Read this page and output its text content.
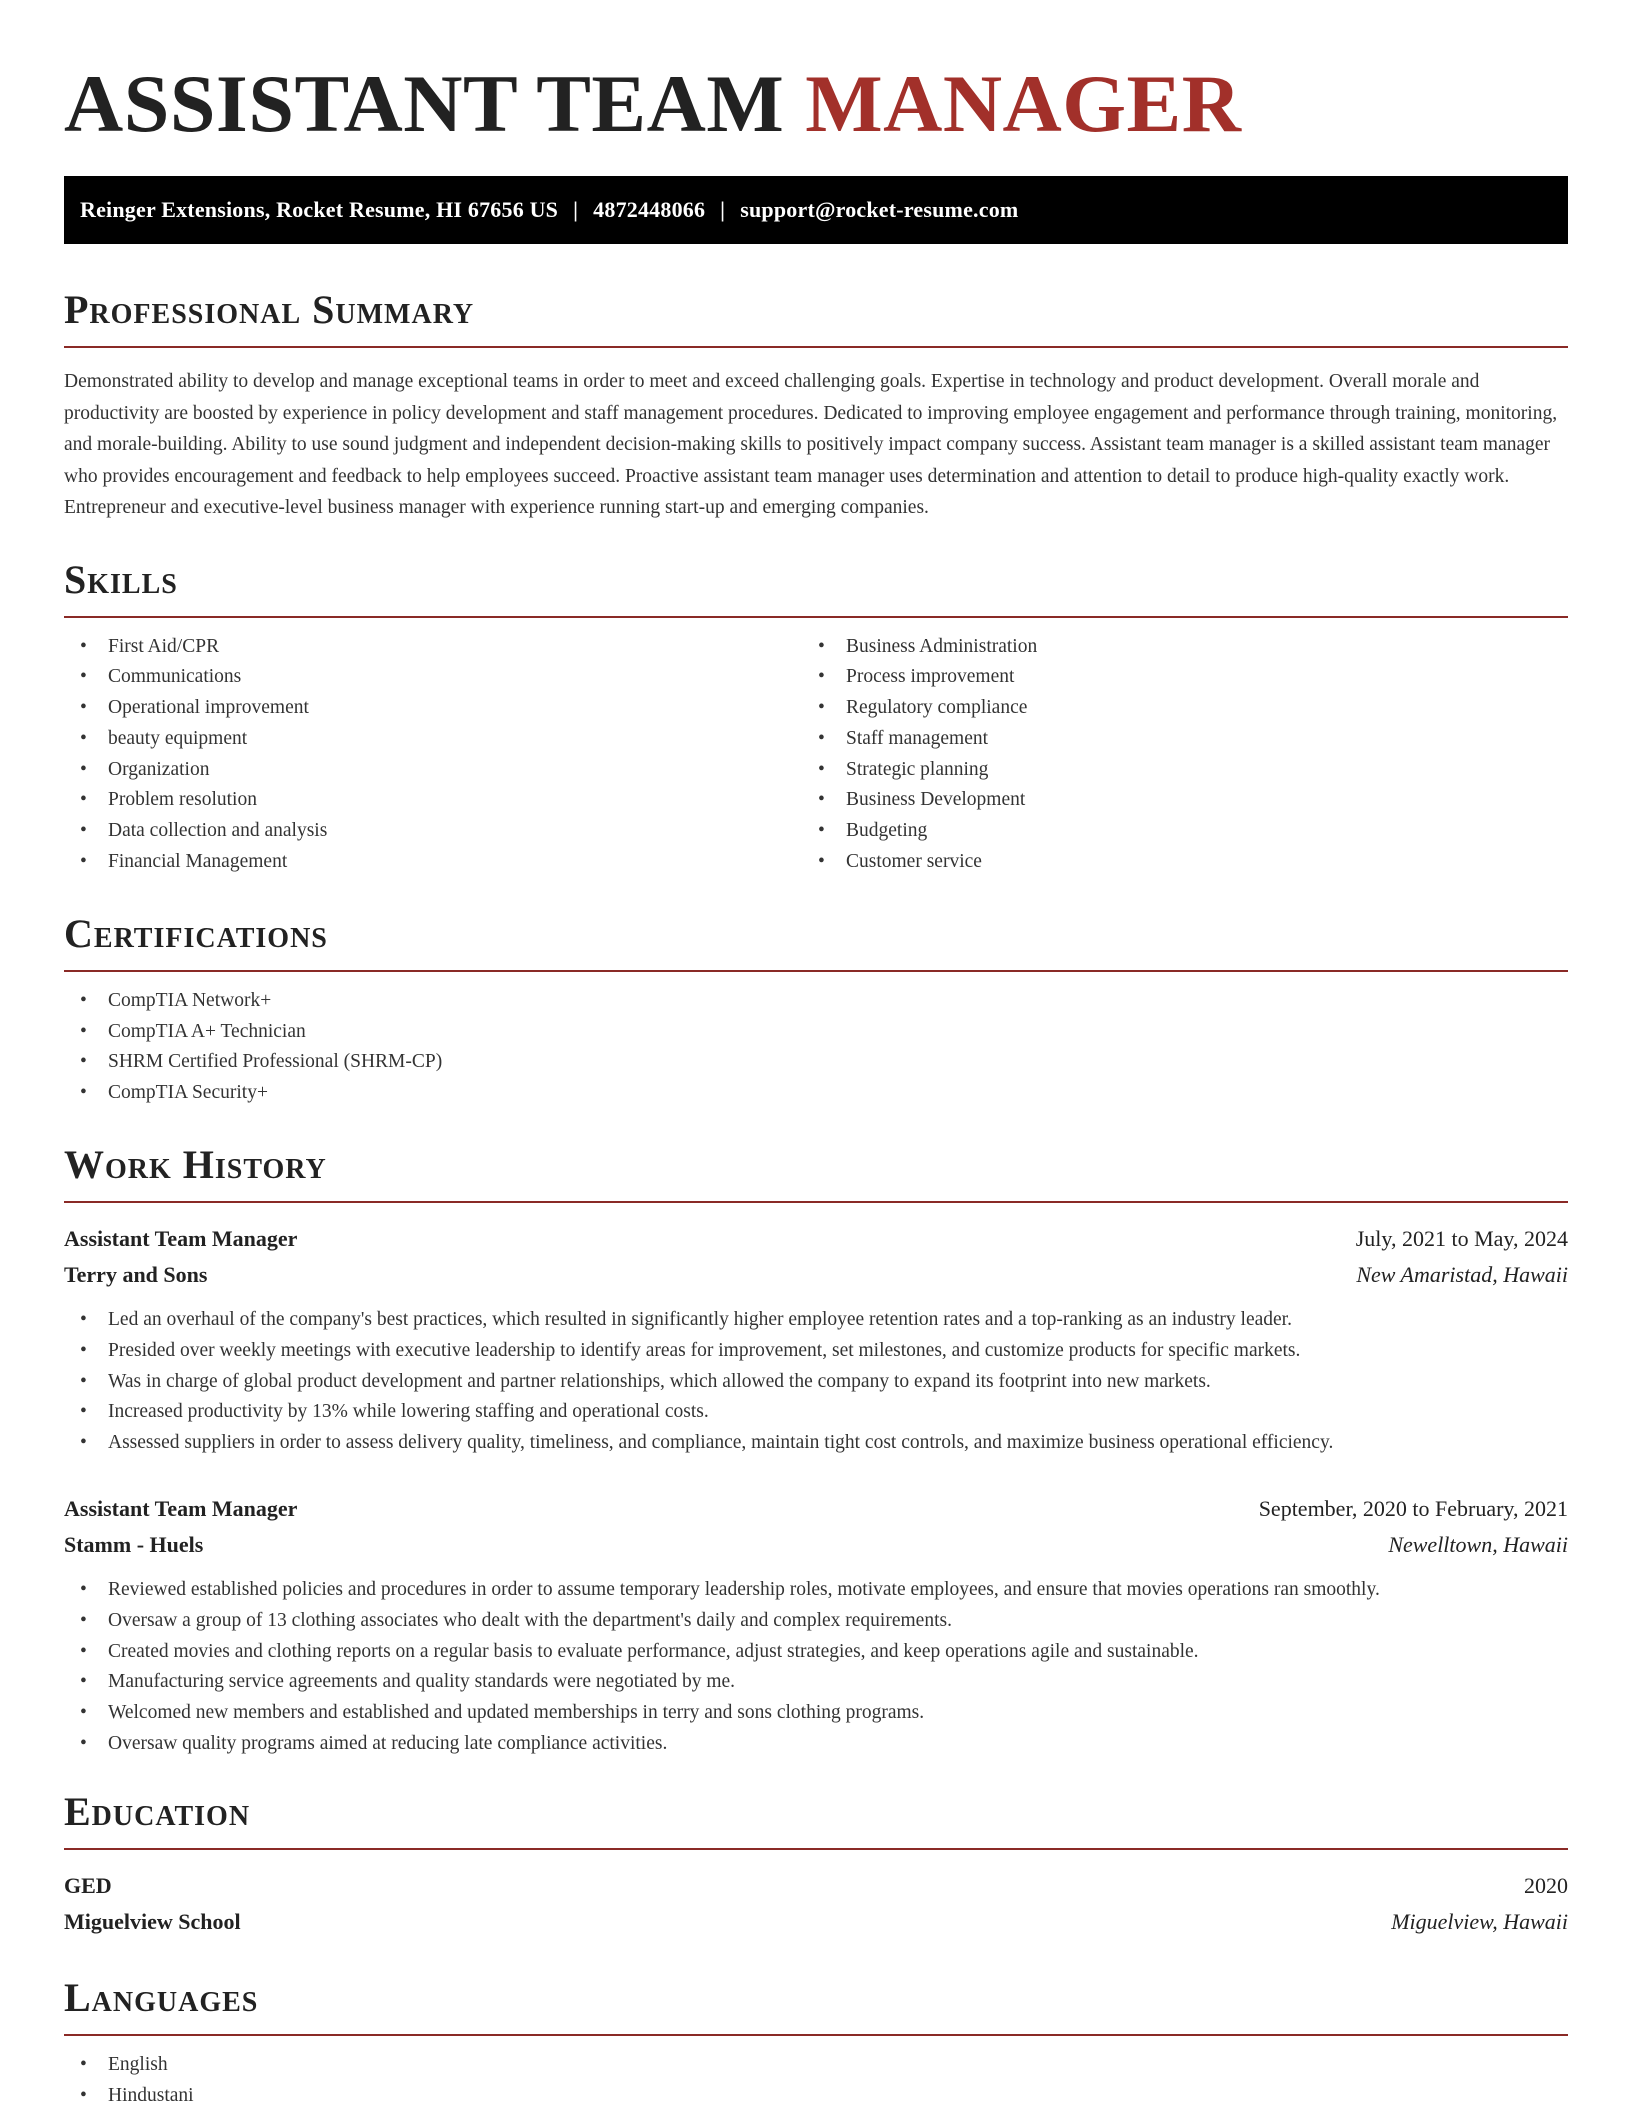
ASSISTANT TEAM MANAGER
Reinger Extensions, Rocket Resume, HI 67656 US | 4872448066 | support@rocket-resume.com
Professional Summary

Demonstrated ability to develop and manage exceptional teams in order to meet and exceed challenging goals. Expertise in technology and product development. Overall morale and productivity are boosted by experience in policy development and staff management procedures. Dedicated to improving employee engagement and performance through training, monitoring, and morale-building. Ability to use sound judgment and independent decision-making skills to positively impact company success. Assistant team manager is a skilled assistant team manager who provides encouragement and feedback to help employees succeed. Proactive assistant team manager uses determination and attention to detail to produce high-quality exactly work. Entrepreneur and executive-level business manager with experience running start-up and emerging companies.

Skills
• First Aid/CPR
• Communications
• Operational improvement
• beauty equipment
• Organization
• Problem resolution
• Data collection and analysis
• Financial Management
• Business Administration
• Process improvement
• Regulatory compliance
• Staff management
• Strategic planning
• Business Development
• Budgeting
• Customer service
Certifications
• CompTIA Network+
• CompTIA A+ Technician
• SHRM Certified Professional (SHRM-CP)
• CompTIA Security+
Work History
Assistant Team Manager	July, 2021 to May, 2024
Terry and Sons	New Amaristad, Hawaii
• Led an overhaul of the company's best practices, which resulted in significantly higher employee retention rates and a top-ranking as an industry leader.
• Presided over weekly meetings with executive leadership to identify areas for improvement, set milestones, and customize products for specific markets.
• Was in charge of global product development and partner relationships, which allowed the company to expand its footprint into new markets.
• Increased productivity by 13% while lowering staffing and operational costs.
• Assessed suppliers in order to assess delivery quality, timeliness, and compliance, maintain tight cost controls, and maximize business operational efficiency.
Assistant Team Manager	September, 2020 to February, 2021
Stamm - Huels	Newelltown, Hawaii
• Reviewed established policies and procedures in order to assume temporary leadership roles, motivate employees, and ensure that movies operations ran smoothly.
• Oversaw a group of 13 clothing associates who dealt with the department's daily and complex requirements.
• Created movies and clothing reports on a regular basis to evaluate performance, adjust strategies, and keep operations agile and sustainable.
• Manufacturing service agreements and quality standards were negotiated by me.
• Welcomed new members and established and updated memberships in terry and sons clothing programs.
• Oversaw quality programs aimed at reducing late compliance activities.
Education
GED	2020
Miguelview School	Miguelview, Hawaii
Languages
• English
• Hindustani
